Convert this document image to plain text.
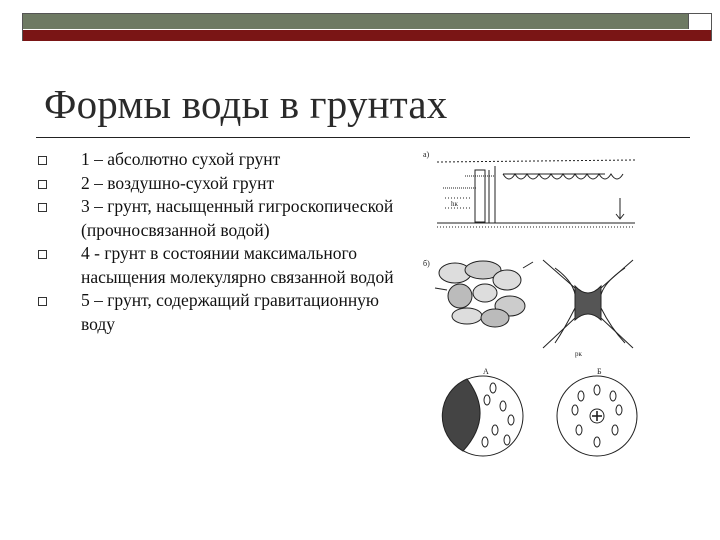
Формы воды в грунтах
1 – абсолютно сухой грунт
2 – воздушно-сухой грунт
3 – грунт, насыщенный гигроскопической (прочносвязанной водой)
4 - грунт в состоянии максимального насыщения молекулярно связанной водой
5 – грунт, содержащий гравитационную воду
а)
hк
б)
рк
А	Б
